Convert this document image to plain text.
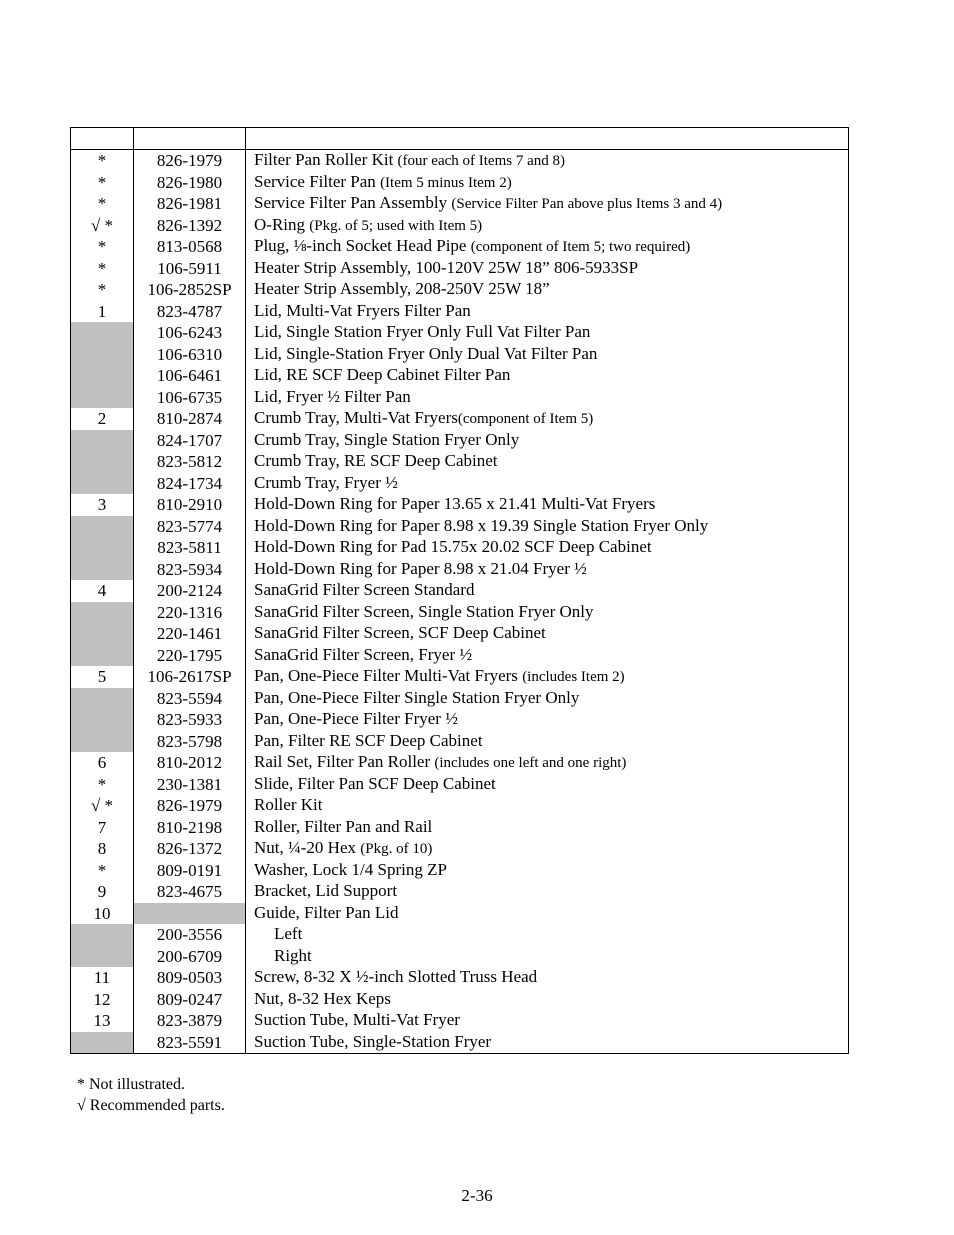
*	826-1979	Filter Pan Roller Kit (four each of Items 7 and 8)
*	826-1980	Service Filter Pan (Item 5 minus Item 2)
*	826-1981	Service Filter Pan Assembly (Service Filter Pan above plus Items 3 and 4)
√ *	826-1392	O-Ring (Pkg. of 5; used with Item 5)
*	813-0568	Plug, ⅛-inch Socket Head Pipe (component of Item 5; two required)
*	106-5911	Heater Strip Assembly, 100-120V 25W 18” 806-5933SP
*	106-2852SP	Heater Strip Assembly, 208-250V 25W 18”
1	823-4787	Lid, Multi-Vat Fryers Filter Pan
	106-6243	Lid, Single Station Fryer Only Full Vat Filter Pan
	106-6310	Lid, Single-Station Fryer Only Dual Vat Filter Pan
	106-6461	Lid, RE SCF Deep Cabinet Filter Pan
	106-6735	Lid, Fryer ½ Filter Pan
2	810-2874	Crumb Tray, Multi-Vat Fryers(component of Item 5)
	824-1707	Crumb Tray, Single Station Fryer Only
	823-5812	Crumb Tray, RE SCF Deep Cabinet
	824-1734	Crumb Tray, Fryer ½
3	810-2910	Hold-Down Ring for Paper 13.65 x 21.41 Multi-Vat Fryers
	823-5774	Hold-Down Ring for Paper 8.98 x 19.39 Single Station Fryer Only
	823-5811	Hold-Down Ring for Pad 15.75x 20.02 SCF Deep Cabinet
	823-5934	Hold-Down Ring for Paper 8.98 x 21.04 Fryer ½
4	200-2124	SanaGrid Filter Screen Standard
	220-1316	SanaGrid Filter Screen, Single Station Fryer Only
	220-1461	SanaGrid Filter Screen, SCF Deep Cabinet
	220-1795	SanaGrid Filter Screen, Fryer ½
5	106-2617SP	Pan, One-Piece Filter Multi-Vat Fryers (includes Item 2)
	823-5594	Pan, One-Piece Filter Single Station Fryer Only
	823-5933	Pan, One-Piece Filter Fryer ½
	823-5798	Pan, Filter RE SCF Deep Cabinet
6	810-2012	Rail Set, Filter Pan Roller (includes one left and one right)
*	230-1381	Slide, Filter Pan SCF Deep Cabinet
√ *	826-1979	Roller Kit
7	810-2198	Roller, Filter Pan and Rail
8	826-1372	Nut, ¼-20 Hex (Pkg. of 10)
*	809-0191	Washer, Lock 1/4 Spring ZP
9	823-4675	Bracket, Lid Support
10		Guide, Filter Pan Lid
	200-3556	Left
	200-6709	Right
11	809-0503	Screw, 8-32 X ½-inch Slotted Truss Head
12	809-0247	Nut, 8-32 Hex Keps
13	823-3879	Suction Tube, Multi-Vat Fryer
	823-5591	Suction Tube, Single-Station Fryer
* Not illustrated.
√ Recommended parts.
2-36
